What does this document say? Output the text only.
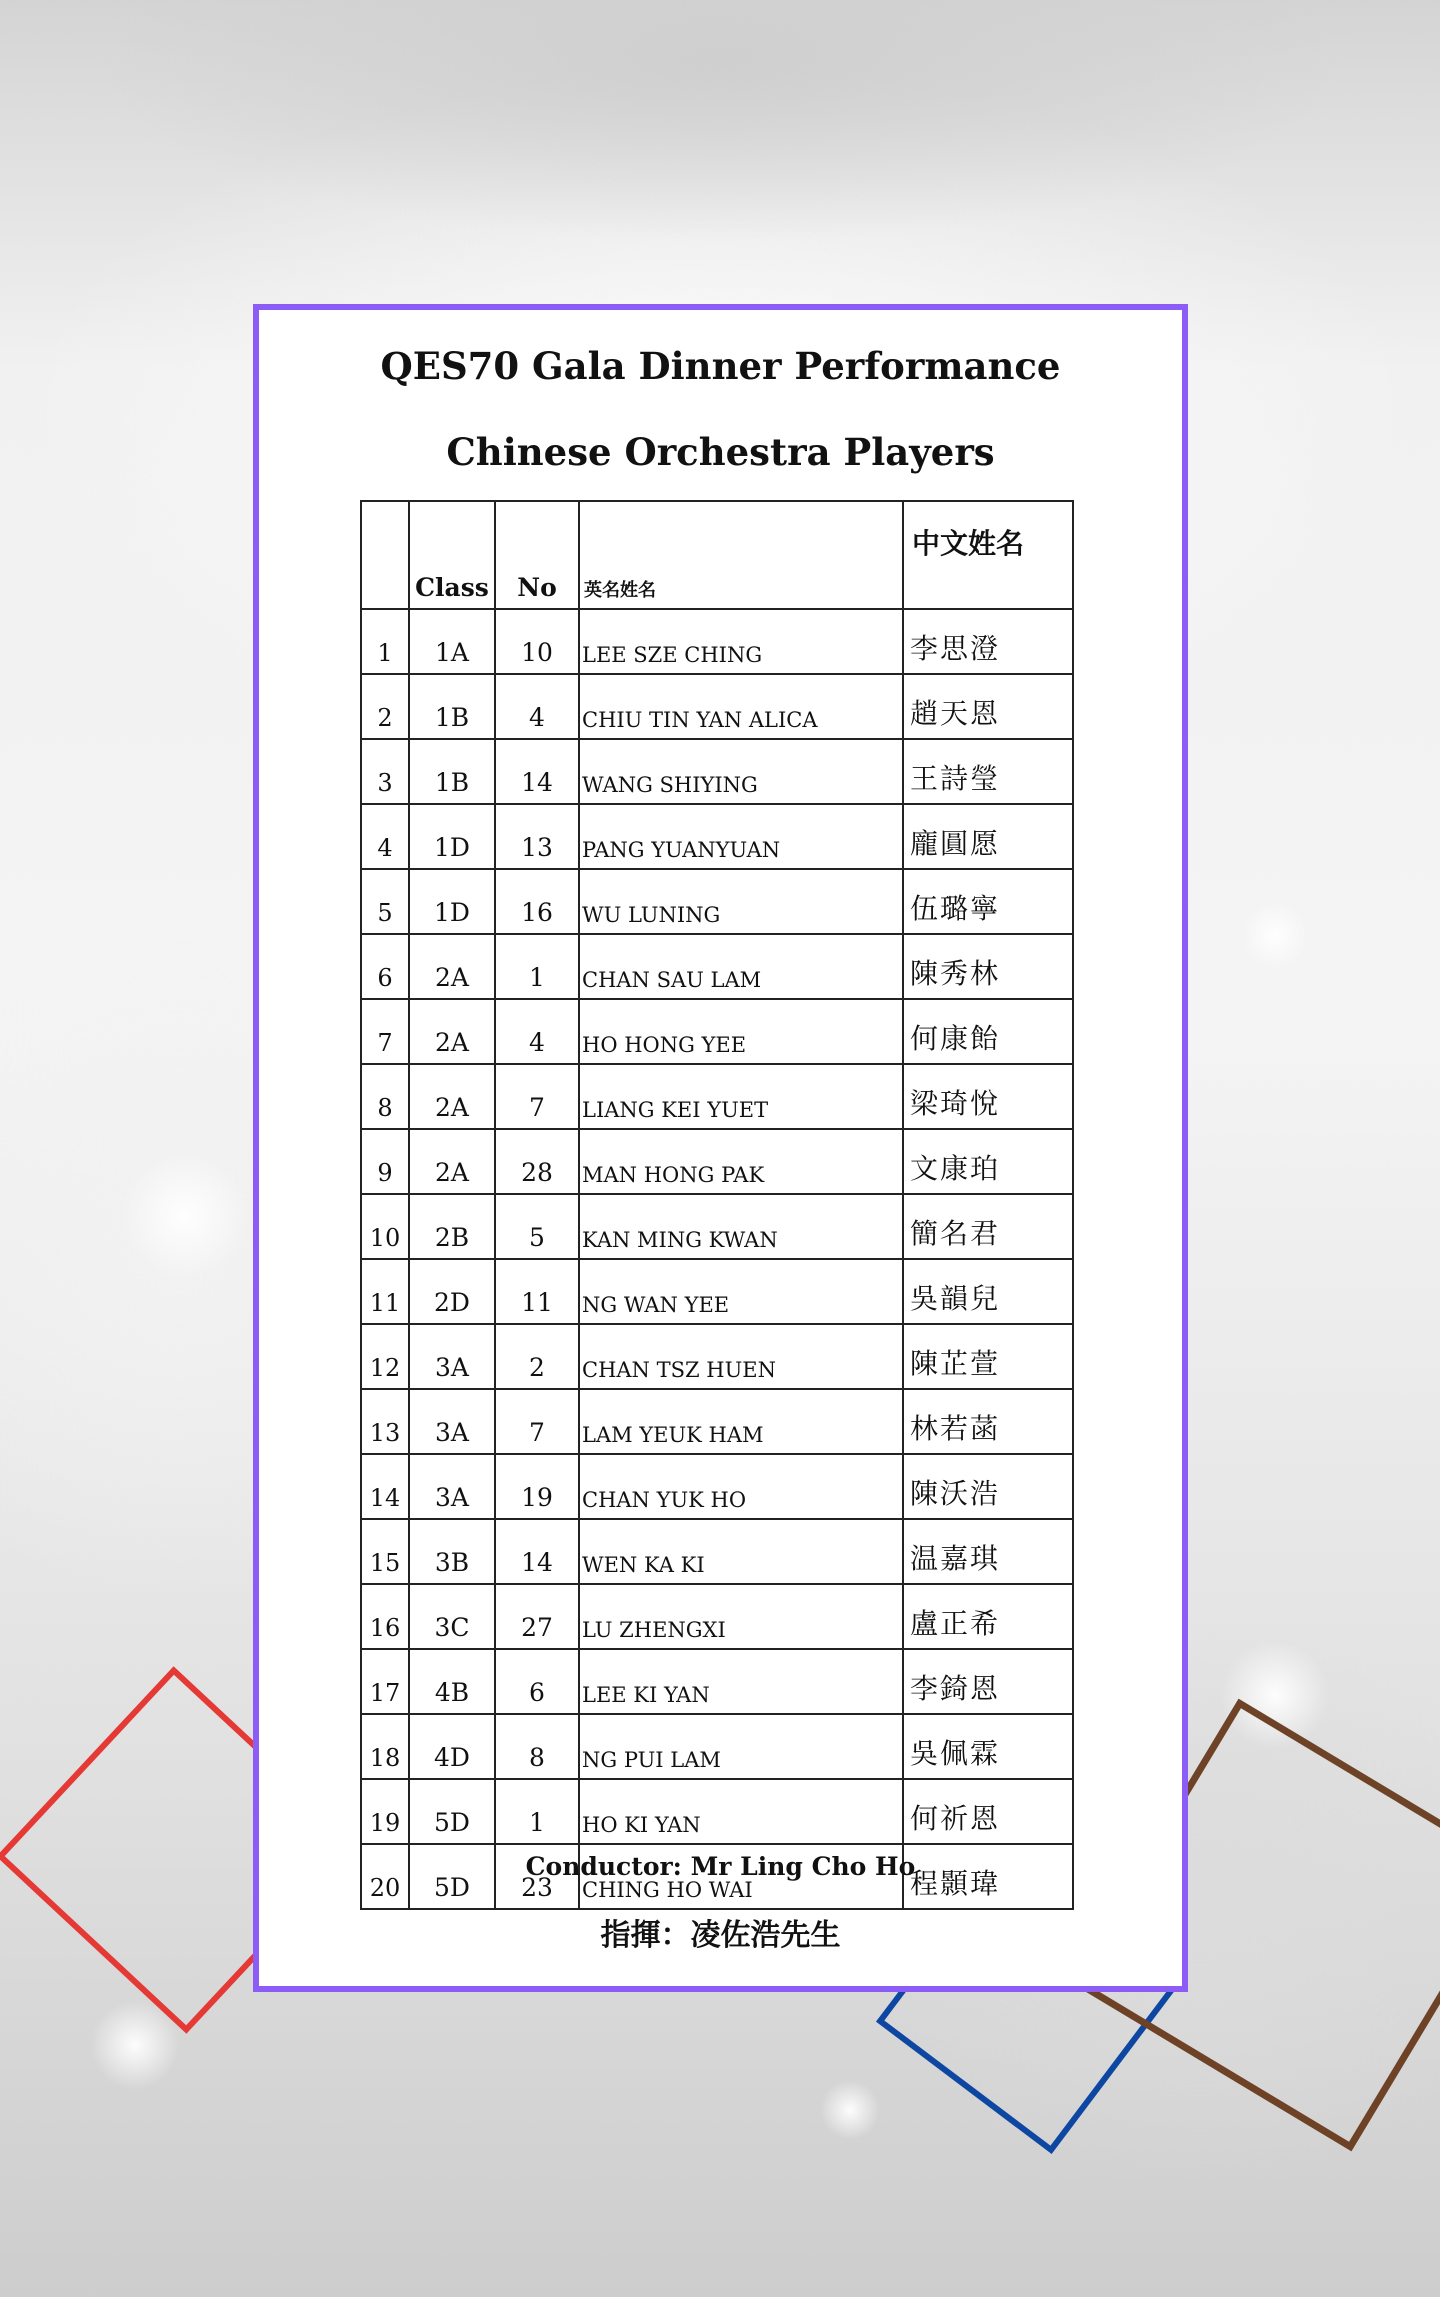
QES70 Gala Dinner Performance
Chinese Orchestra Players
	Class	No	英名姓名	中文姓名
1	1A	10	LEE SZE CHING	李思澄
2	1B	4	CHIU TIN YAN ALICA	趙天恩
3	1B	14	WANG SHIYING	王詩瑩
4	1D	13	PANG YUANYUAN	龐圓愿
5	1D	16	WU LUNING	伍璐寧
6	2A	1	CHAN SAU LAM	陳秀林
7	2A	4	HO HONG YEE	何康飴
8	2A	7	LIANG KEI YUET	梁琦悅
9	2A	28	MAN HONG PAK	文康珀
10	2B	5	KAN MING KWAN	簡名君
11	2D	11	NG WAN YEE	吳韻兒
12	3A	2	CHAN TSZ HUEN	陳芷萱
13	3A	7	LAM YEUK HAM	林若菡
14	3A	19	CHAN YUK HO	陳沃浩
15	3B	14	WEN KA KI	温嘉琪
16	3C	27	LU ZHENGXI	盧正希
17	4B	6	LEE KI YAN	李錡恩
18	4D	8	NG PUI LAM	吳佩霖
19	5D	1	HO KI YAN	何祈恩
20	5D	23	CHING HO WAI	程顥瑋

Conductor: Mr Ling Cho Ho

指揮：凌佐浩先生
